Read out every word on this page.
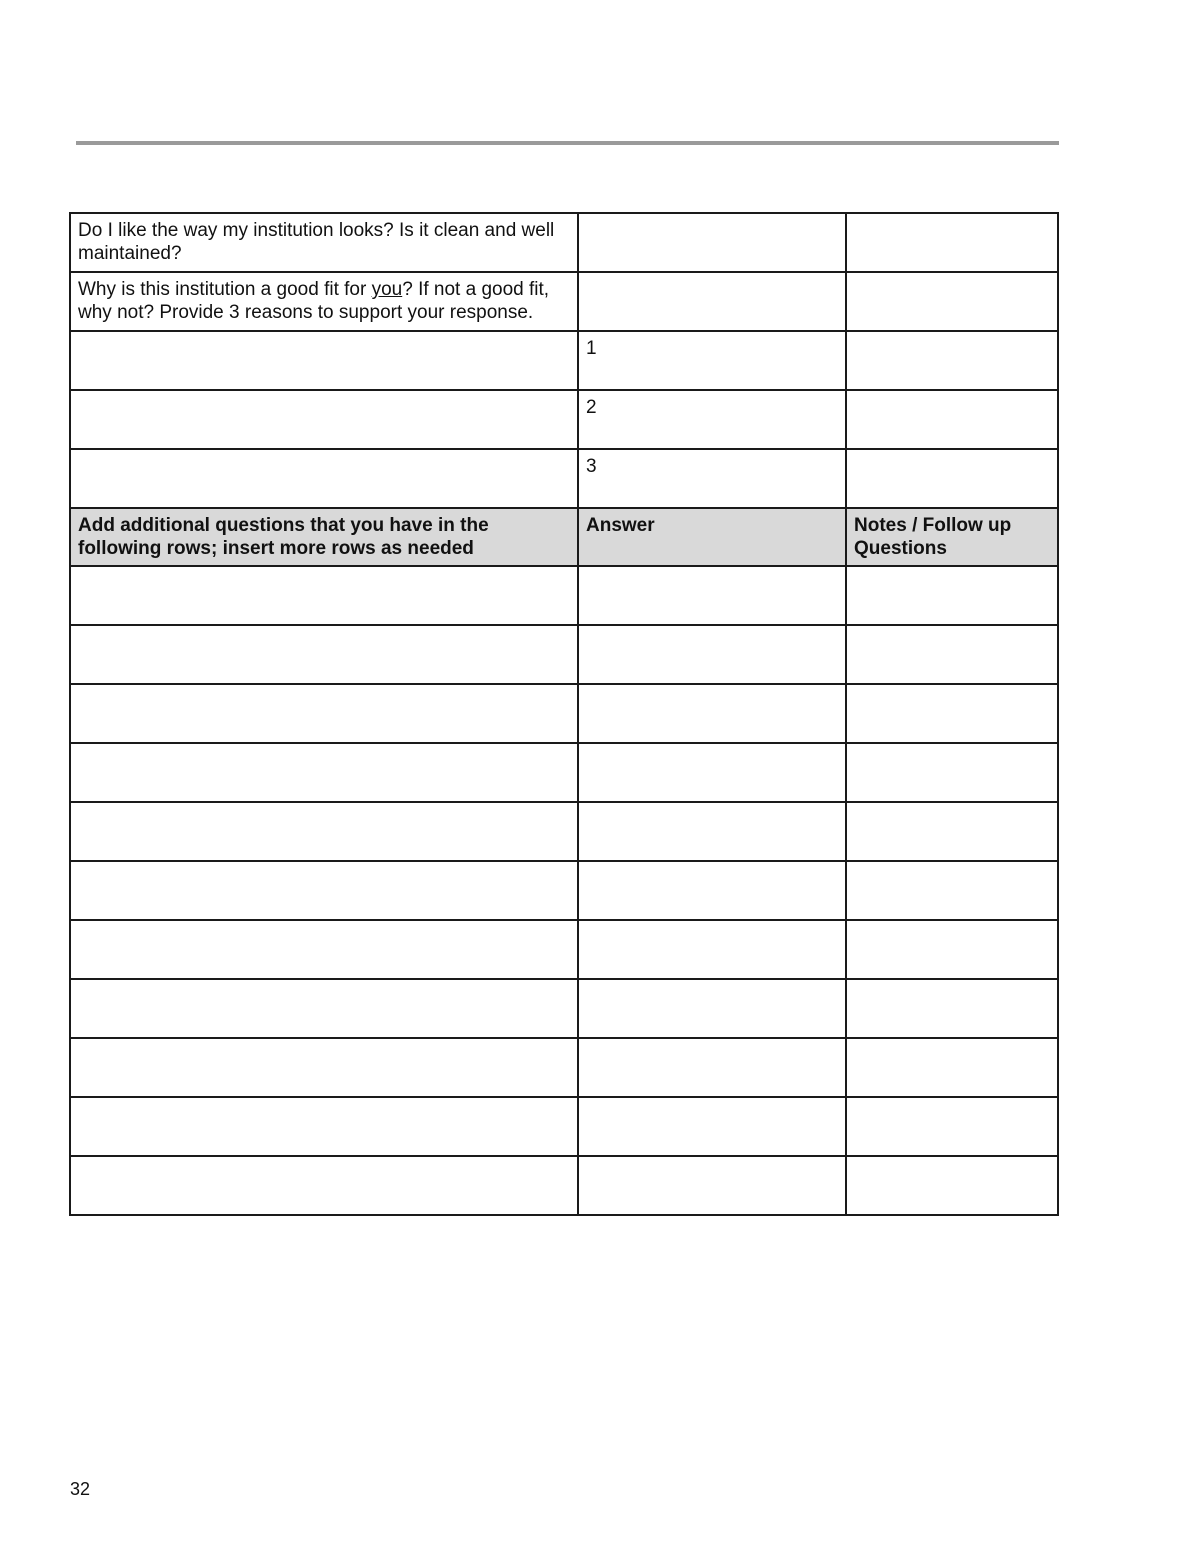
Do I like the way my institution looks? Is it clean and well maintained?		
Why is this institution a good fit for you? If not a good fit, why not? Provide 3 reasons to support your response.		
	1	
	2	
	3	
Add additional questions that you have in the following rows; insert more rows as needed	Answer	Notes / Follow up Questions

32
